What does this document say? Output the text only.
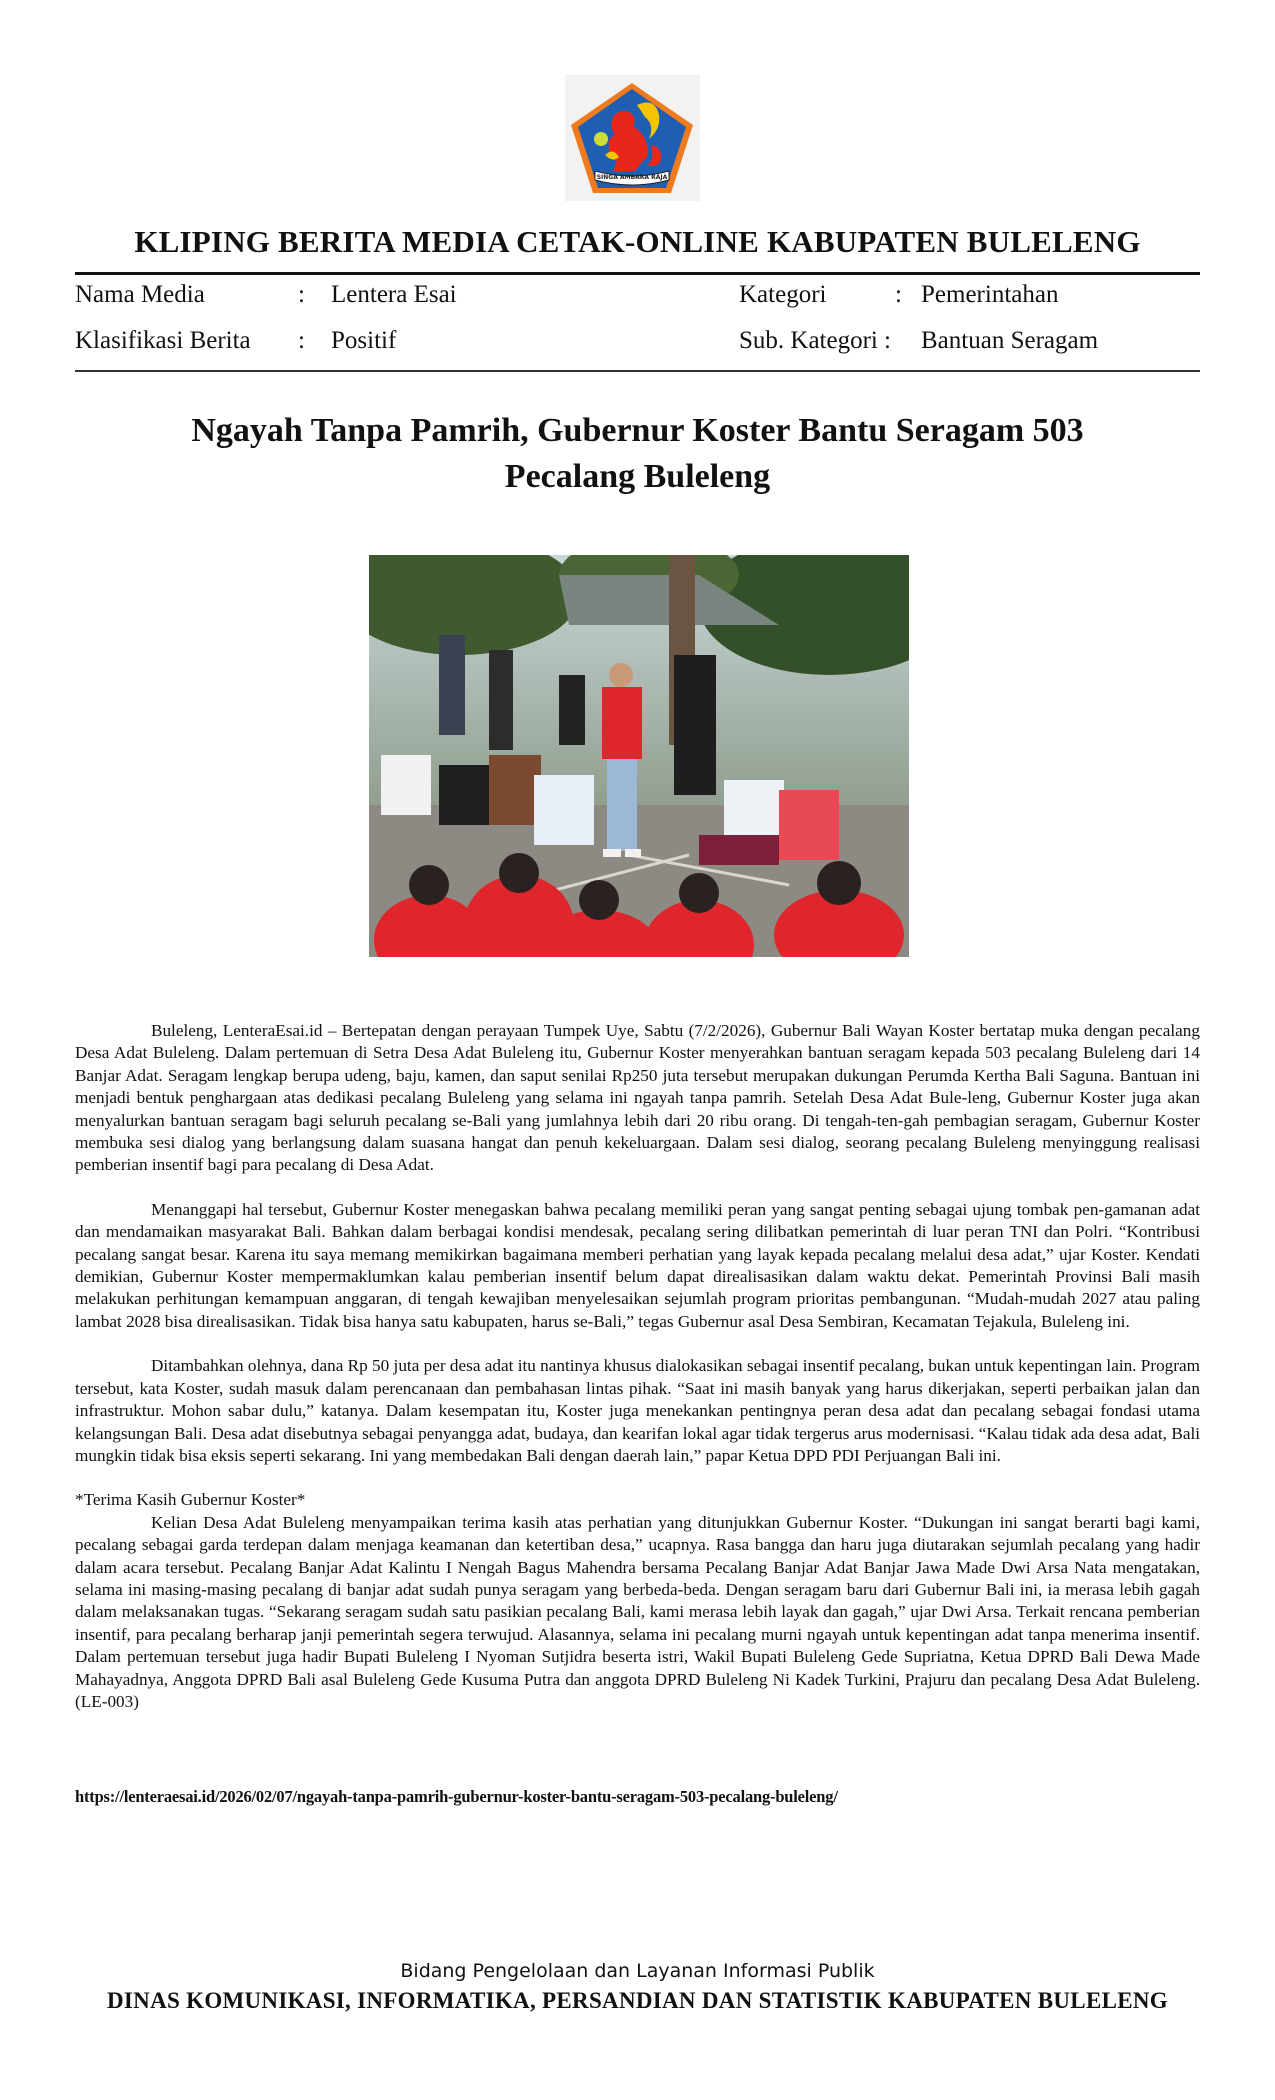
SINGA AMBARA RAJA
KLIPING BERITA MEDIA CETAK-ONLINE KABUPATEN BULELENG
Nama Media	: Lentera Esai
Klasifikasi Berita : Positif
Kategori	: Pemerintahan
Sub. Kategori : Bantuan Seragam
Ngayah Tanpa Pamrih, Gubernur Koster Bantu Seragam 503
Pecalang Buleleng

Buleleng, LenteraEsai.id – Bertepatan dengan perayaan Tumpek Uye, Sabtu (7/2/2026), Gubernur Bali Wayan Koster bertatap muka dengan pecalang Desa Adat Buleleng. Dalam pertemuan di Setra Desa Adat Buleleng itu, Gubernur Koster menyerahkan bantuan seragam kepada 503 pecalang Buleleng dari 14 Banjar Adat. Seragam lengkap berupa udeng, baju, kamen, dan saput senilai Rp250 juta tersebut merupakan dukungan Perumda Kertha Bali Saguna. Bantuan ini menjadi bentuk penghargaan atas dedikasi pecalang Buleleng yang selama ini ngayah tanpa pamrih. Setelah Desa Adat Bule-leng, Gubernur Koster juga akan menyalurkan bantuan seragam bagi seluruh pecalang se-Bali yang jumlahnya lebih dari 20 ribu orang. Di tengah-ten-gah pembagian seragam, Gubernur Koster membuka sesi dialog yang berlangsung dalam suasana hangat dan penuh kekeluargaan. Dalam sesi dialog, seorang pecalang Buleleng menyinggung realisasi pemberian insentif bagi para pecalang di Desa Adat.

Menanggapi hal tersebut, Gubernur Koster menegaskan bahwa pecalang memiliki peran yang sangat penting sebagai ujung tombak pen-gamanan adat dan mendamaikan masyarakat Bali. Bahkan dalam berbagai kondisi mendesak, pecalang sering dilibatkan pemerintah di luar peran TNI dan Polri. “Kontribusi pecalang sangat besar. Karena itu saya memang memikirkan bagaimana memberi perhatian yang layak kepada pecalang melalui desa adat,” ujar Koster. Kendati demikian, Gubernur Koster mempermaklumkan kalau pemberian insentif belum dapat direalisasikan dalam waktu dekat. Pemerintah Provinsi Bali masih melakukan perhitungan kemampuan anggaran, di tengah kewajiban menyelesaikan sejumlah program prioritas pembangunan. “Mudah-mudah 2027 atau paling lambat 2028 bisa direalisasikan. Tidak bisa hanya satu kabupaten, harus se-Bali,” tegas Gubernur asal Desa Sembiran, Kecamatan Tejakula, Buleleng ini.

Ditambahkan olehnya, dana Rp 50 juta per desa adat itu nantinya khusus dialokasikan sebagai insentif pecalang, bukan untuk kepentingan lain. Program tersebut, kata Koster, sudah masuk dalam perencanaan dan pembahasan lintas pihak. “Saat ini masih banyak yang harus dikerjakan, seperti perbaikan jalan dan infrastruktur. Mohon sabar dulu,” katanya. Dalam kesempatan itu, Koster juga menekankan pentingnya peran desa adat dan pecalang sebagai fondasi utama kelangsungan Bali. Desa adat disebutnya sebagai penyangga adat, budaya, dan kearifan lokal agar tidak tergerus arus modernisasi. “Kalau tidak ada desa adat, Bali mungkin tidak bisa eksis seperti sekarang. Ini yang membedakan Bali dengan daerah lain,” papar Ketua DPD PDI Perjuangan Bali ini.

*Terima Kasih Gubernur Koster*

Kelian Desa Adat Buleleng menyampaikan terima kasih atas perhatian yang ditunjukkan Gubernur Koster. “Dukungan ini sangat berarti bagi kami, pecalang sebagai garda terdepan dalam menjaga keamanan dan ketertiban desa,” ucapnya. Rasa bangga dan haru juga diutarakan sejumlah pecalang yang hadir dalam acara tersebut. Pecalang Banjar Adat Kalintu I Nengah Bagus Mahendra bersama Pecalang Banjar Adat Banjar Jawa Made Dwi Arsa Nata mengatakan, selama ini masing-masing pecalang di banjar adat sudah punya seragam yang berbeda-beda. Dengan seragam baru dari Gubernur Bali ini, ia merasa lebih gagah dalam melaksanakan tugas. “Sekarang seragam sudah satu pasikian pecalang Bali, kami merasa lebih layak dan gagah,” ujar Dwi Arsa. Terkait rencana pemberian insentif, para pecalang berharap janji pemerintah segera terwujud. Alasannya, selama ini pecalang murni ngayah untuk kepentingan adat tanpa menerima insentif. Dalam pertemuan tersebut juga hadir Bupati Buleleng I Nyoman Sutjidra beserta istri, Wakil Bupati Buleleng Gede Supriatna, Ketua DPRD Bali Dewa Made Mahayadnya, Anggota DPRD Bali asal Buleleng Gede Kusuma Putra dan anggota DPRD Buleleng Ni Kadek Turkini, Prajuru dan pecalang Desa Adat Buleleng. (LE-003)

https://lenteraesai.id/2026/02/07/ngayah-tanpa-pamrih-gubernur-koster-bantu-seragam-503-pecalang-buleleng/
Bidang Pengelolaan dan Layanan Informasi Publik
DINAS KOMUNIKASI, INFORMATIKA, PERSANDIAN DAN STATISTIK KABUPATEN BULELENG
